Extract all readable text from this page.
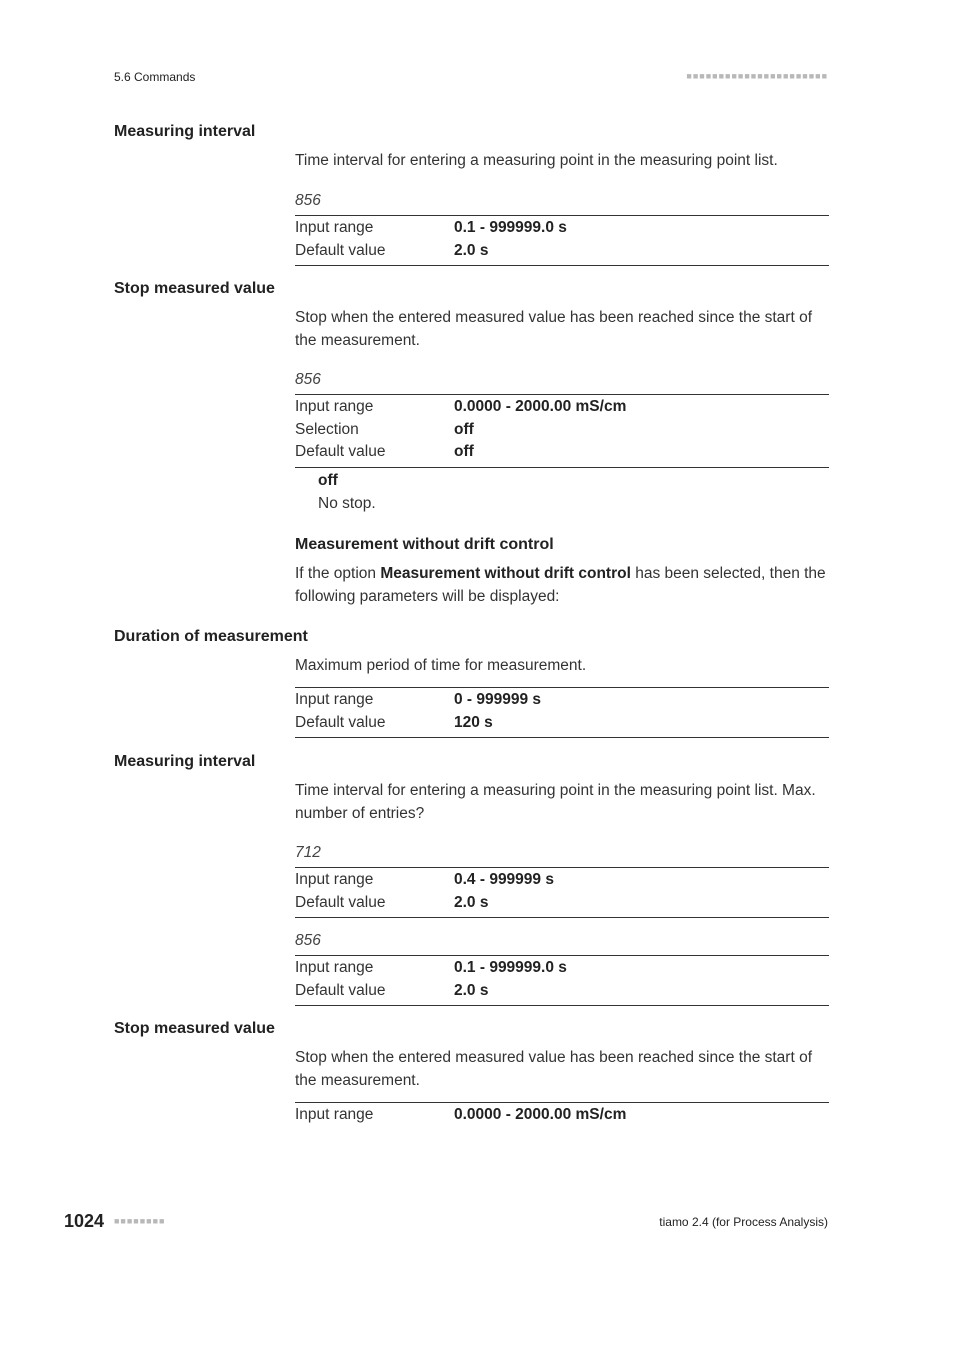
5.6 Commands	■■■■■■■■■■■■■■■■■■■■■■
Measuring interval
Time interval for entering a measuring point in the measuring point list.
856
Input range	0.1 - 999999.0 s
Default value	2.0 s
Stop measured value
Stop when the entered measured value has been reached since the start of the measurement.
856
Input range	0.0000 - 2000.00 mS/cm
Selection	off
Default value	off
off
No stop.
Measurement without drift control
If the option Measurement without drift control has been selected, then the following parameters will be displayed:
Duration of measurement
Maximum period of time for measurement.
Input range	0 - 999999 s
Default value	120 s
Measuring interval
Time interval for entering a measuring point in the measuring point list. Max. number of entries?
712
Input range	0.4 - 999999 s
Default value	2.0 s
856
Input range	0.1 - 999999.0 s
Default value	2.0 s
Stop measured value
Stop when the entered measured value has been reached since the start of the measurement.
Input range	0.0000 - 2000.00 mS/cm
1024 ■■■■■■■■	tiamo 2.4 (for Process Analysis)
